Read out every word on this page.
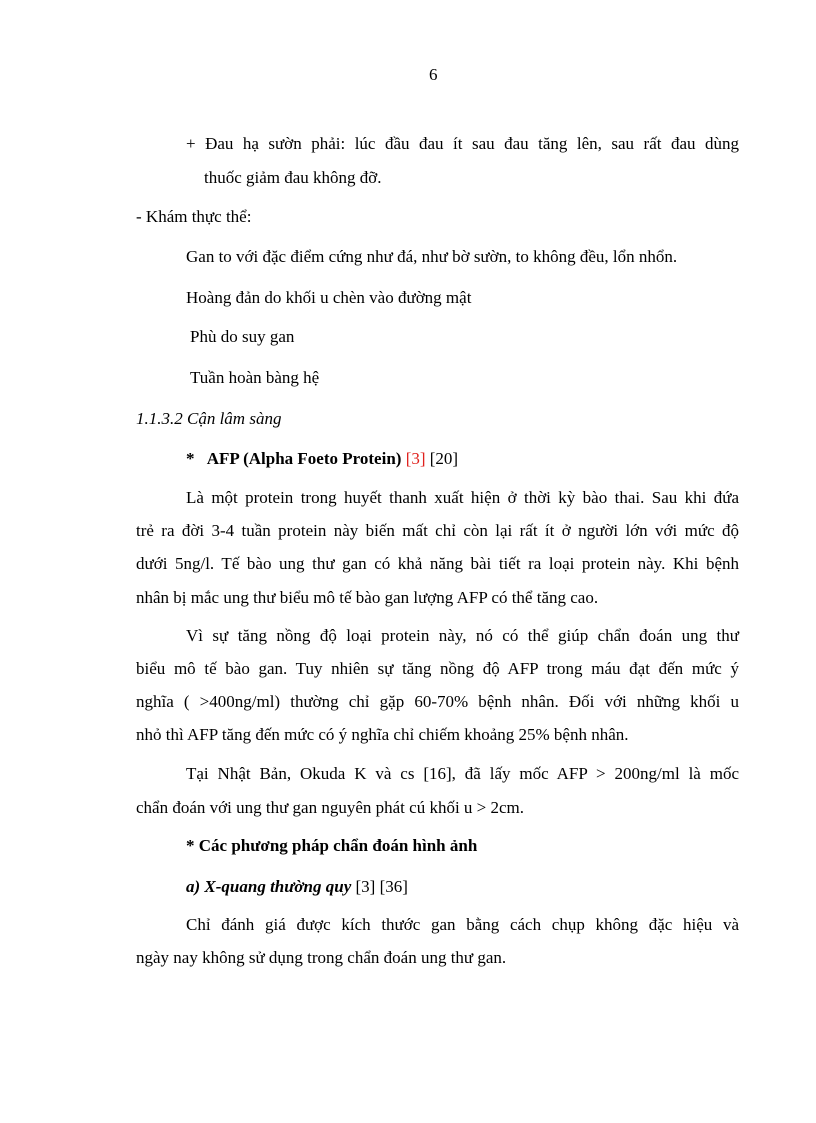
6
+ Đau hạ sườn phải: lúc đầu đau ít sau đau tăng lên, sau rất đau dùng
thuốc giảm đau không đỡ.
- Khám thực thể:
Gan to với đặc điểm cứng như đá, như bờ sườn, to không đều, lổn nhổn.
Hoàng đản do khối u chèn vào đường mật
Phù do suy gan
Tuần hoàn bàng hệ
1.1.3.2 Cận lâm sàng
* AFP (Alpha Foeto Protein) [3] [20]
Là một protein trong huyết thanh xuất hiện ở thời kỳ bào thai. Sau khi đứa
trẻ ra đời 3-4 tuần protein này biến mất chỉ còn lại rất ít ở người lớn với mức độ
dưới 5ng/l. Tế bào ung thư gan có khả năng bài tiết ra loại protein này. Khi bệnh
nhân bị mắc ung thư biểu mô tế bào gan lượng AFP có thể tăng cao.
Vì sự tăng nồng độ loại protein này, nó có thể giúp chẩn đoán ung thư
biểu mô tế bào gan. Tuy nhiên sự tăng nồng độ AFP trong máu đạt đến mức ý
nghĩa ( >400ng/ml) thường chỉ gặp 60-70% bệnh nhân. Đối với những khối u
nhỏ thì AFP tăng đến mức có ý nghĩa chỉ chiếm khoảng 25% bệnh nhân.
Tại Nhật Bản, Okuda K và cs [16], đã lấy mốc AFP > 200ng/ml là mốc
chẩn đoán với ung thư gan nguyên phát cú khối u > 2cm.
* Các phương pháp chẩn đoán hình ảnh
a) X-quang thường quy [3] [36]
Chỉ đánh giá được kích thước gan bằng cách chụp không đặc hiệu và
ngày nay không sử dụng trong chẩn đoán ung thư gan.
